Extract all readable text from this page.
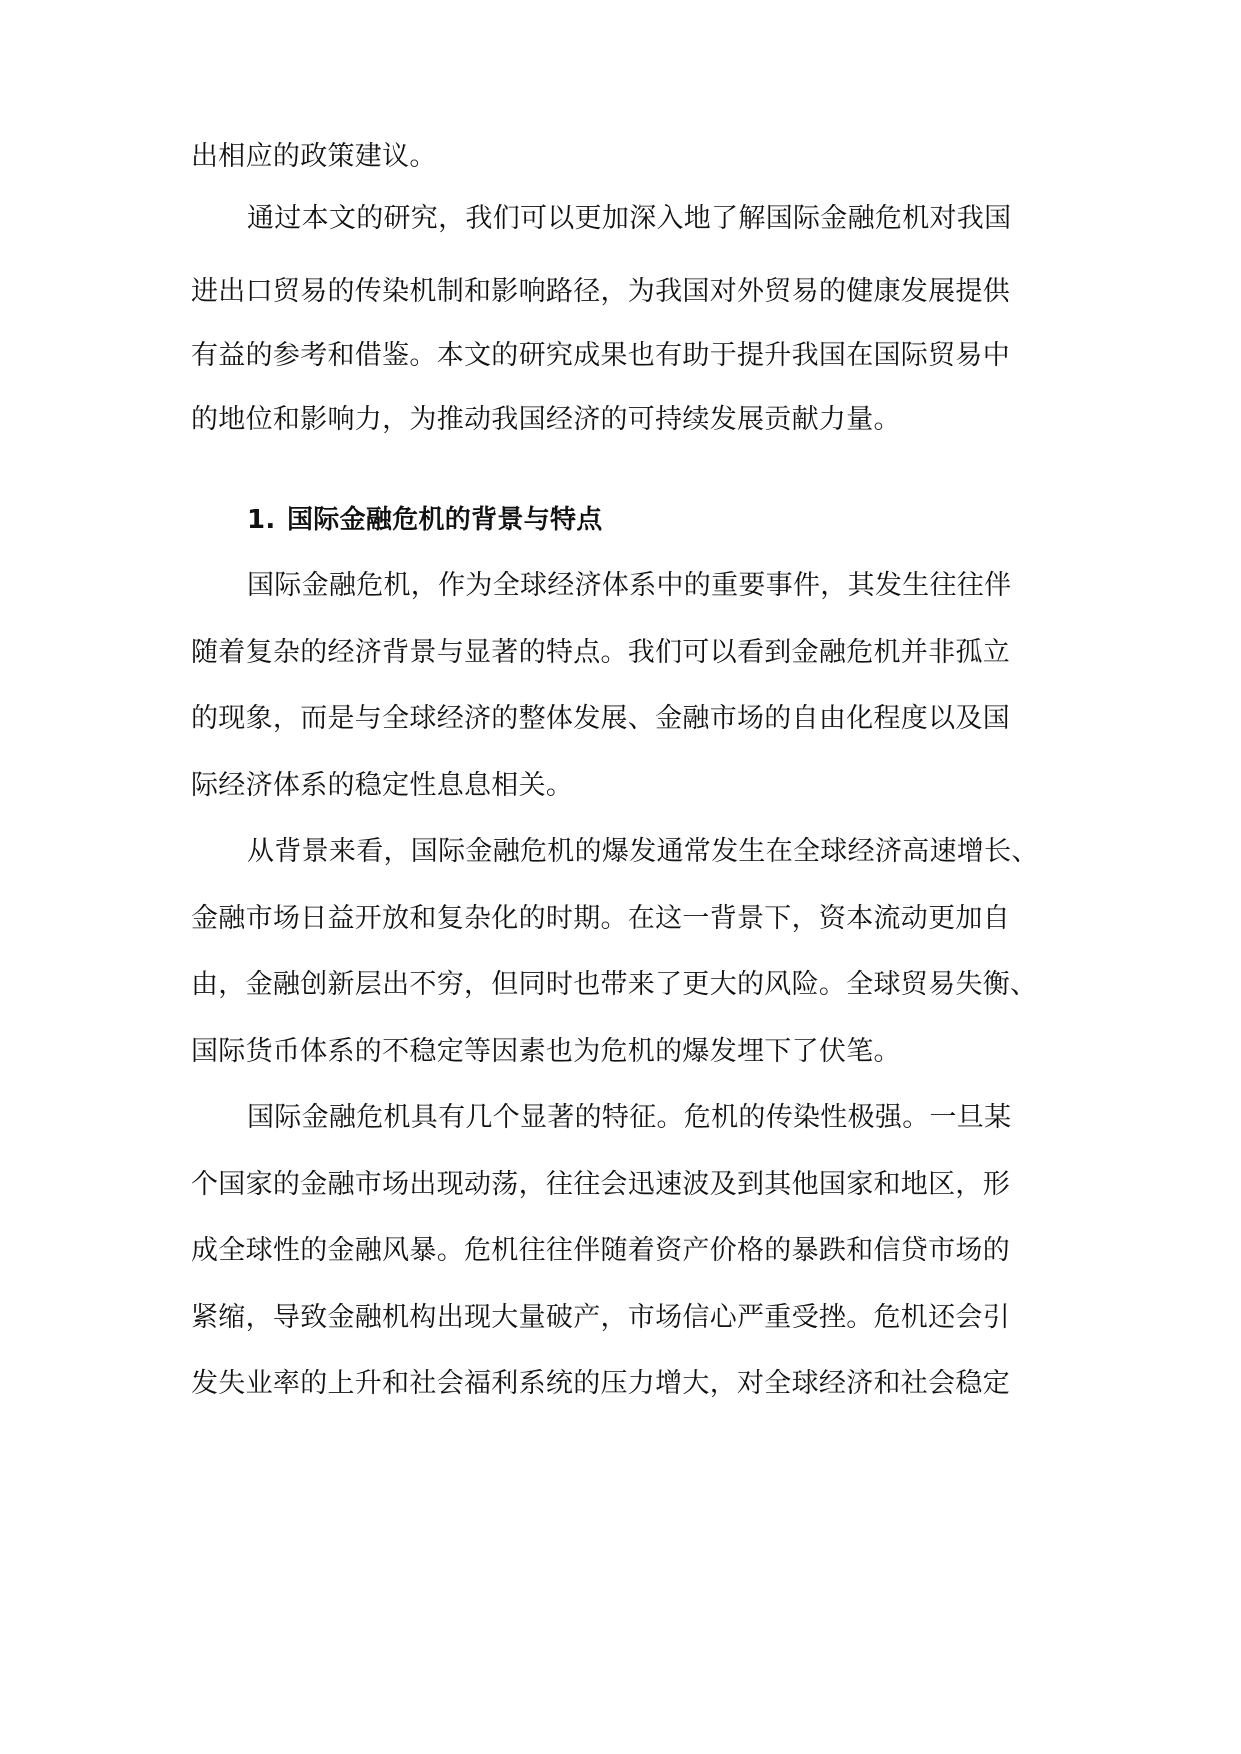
出相应的政策建议。
通过本文的研究，我们可以更加深入地了解国际金融危机对我国
进出口贸易的传染机制和影响路径，为我国对外贸易的健康发展提供
有益的参考和借鉴。本文的研究成果也有助于提升我国在国际贸易中
的地位和影响力，为推动我国经济的可持续发展贡献力量。
1. 国际金融危机的背景与特点
国际金融危机，作为全球经济体系中的重要事件，其发生往往伴
随着复杂的经济背景与显著的特点。我们可以看到金融危机并非孤立
的现象，而是与全球经济的整体发展、金融市场的自由化程度以及国
际经济体系的稳定性息息相关。
从背景来看，国际金融危机的爆发通常发生在全球经济高速增长、
金融市场日益开放和复杂化的时期。在这一背景下，资本流动更加自
由，金融创新层出不穷，但同时也带来了更大的风险。全球贸易失衡、
国际货币体系的不稳定等因素也为危机的爆发埋下了伏笔。
国际金融危机具有几个显著的特征。危机的传染性极强。一旦某
个国家的金融市场出现动荡，往往会迅速波及到其他国家和地区，形
成全球性的金融风暴。危机往往伴随着资产价格的暴跌和信贷市场的
紧缩，导致金融机构出现大量破产，市场信心严重受挫。危机还会引
发失业率的上升和社会福利系统的压力增大，对全球经济和社会稳定
